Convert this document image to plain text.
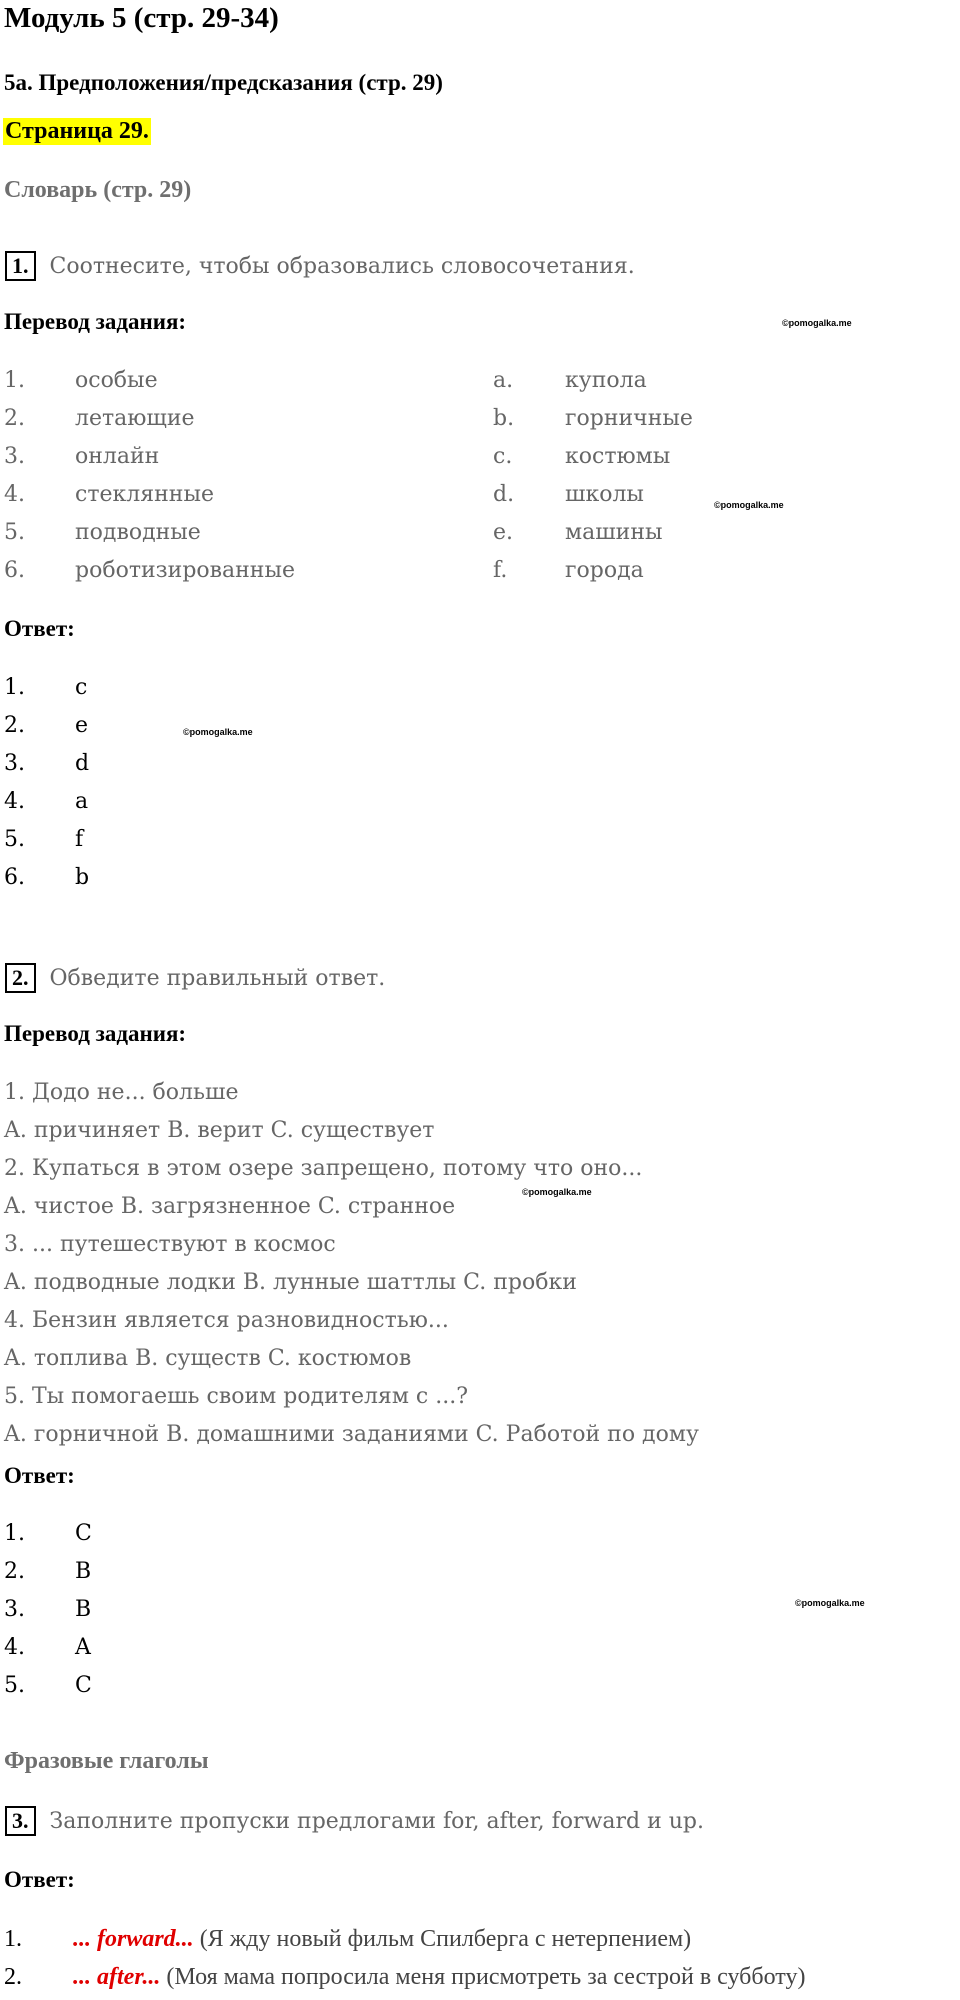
Модуль 5 (стр. 29-34)
5a. Предположения/предсказания (стр. 29)
Страница 29.
Словарь (стр. 29)
1. Соотнесите, чтобы образовались словосочетания.
Перевод задания:	©pomogalka.me
1. особые
2. летающие
3. онлайн
4. стеклянные
5. подводные
6. роботизированные
a. купола
b. горничные
c. костюмы
d. школы
e. машины
f.	города
©pomogalka.me
Ответ:
1. c
2. e
3. d
4. a
5. f
6. b
©pomogalka.me
2. Обведите правильный ответ.
Перевод задания:
1. Додо не... больше
A. причиняет B. верит C. существует
2. Купаться в этом озере запрещено, потому что оно...
A. чистое B. загрязненное C. странное
3. ... путешествуют в космос
A. подводные лодки B. лунные шаттлы C. пробки
4. Бензин является разновидностью...
A. топлива B. существ C. костюмов
5. Ты помогаешь своим родителям с ...?
A. горничной B. домашними заданиями C. Работой по дому
©pomogalka.me
Ответ:
1. C
2. B
3. B
4. A
5. C
©pomogalka.me
Фразовые глаголы
3. Заполните пропуски предлогами for, after, forward и up.
Ответ:
1. ... forward... (Я жду новый фильм Спилберга с нетерпением)
2. ... after... (Моя мама попросила меня присмотреть за сестрой в субботу)
